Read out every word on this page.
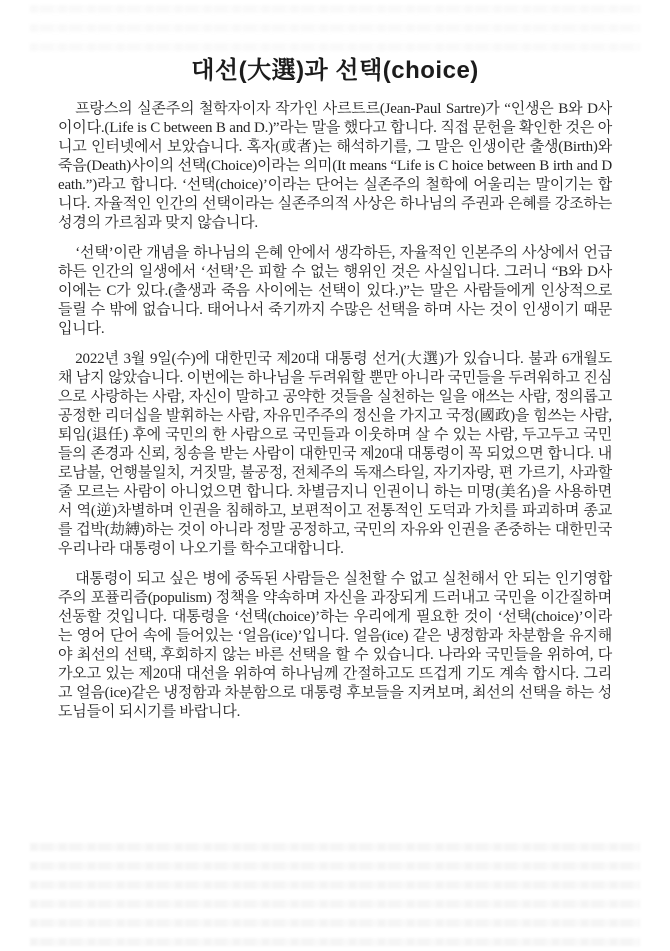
대선(大選)과 선택(choice)

프랑스의 실존주의 철학자이자 작가인 사르트르(Jean-Paul Sartre)가 “인생은 B와 D사이이다.(Life is C between B and D.)”라는 말을 했다고 합니다. 직접 문헌을 확인한 것은 아니고 인터넷에서 보았습니다. 혹자(或者)는 해석하기를, 그 말은 인생이란 출생(Birth)와 죽음(Death)사이의 선택(Choice)이라는 의미(It means “Life is C hoice between B irth and D eath.”)라고 합니다. ‘선택(choice)’이라는 단어는 실존주의 철학에 어울리는 말이기는 합니다. 자율적인 인간의 선택이라는 실존주의적 사상은 하나님의 주권과 은혜를 강조하는 성경의 가르침과 맞지 않습니다.

‘선택’이란 개념을 하나님의 은혜 안에서 생각하든, 자율적인 인본주의 사상에서 언급하든 인간의 일생에서 ‘선택’은 피할 수 없는 행위인 것은 사실입니다. 그러니 “B와 D사이에는 C가 있다.(출생과 죽음 사이에는 선택이 있다.)”는 말은 사람들에게 인상적으로 들릴 수 밖에 없습니다. 태어나서 죽기까지 수많은 선택을 하며 사는 것이 인생이기 때문입니다.

2022년 3월 9일(수)에 대한민국 제20대 대통령 선거(大選)가 있습니다. 불과 6개월도 채 남지 않았습니다. 이번에는 하나님을 두려워할 뿐만 아니라 국민들을 두려워하고 진심으로 사랑하는 사람, 자신이 말하고 공약한 것들을 실천하는 일을 애쓰는 사람, 정의롭고 공정한 리더십을 발휘하는 사람, 자유민주주의 정신을 가지고 국정(國政)을 힘쓰는 사람, 퇴임(退任) 후에 국민의 한 사람으로 국민들과 이웃하며 살 수 있는 사람, 두고두고 국민들의 존경과 신뢰, 칭송을 받는 사람이 대한민국 제20대 대통령이 꼭 되었으면 합니다. 내로남불, 언행불일치, 거짓말, 불공정, 전체주의 독재스타일, 자기자랑, 편 가르기, 사과할 줄 모르는 사람이 아니었으면 합니다. 차별금지니 인권이니 하는 미명(美名)을 사용하면서 역(逆)차별하며 인권을 침해하고, 보편적이고 전통적인 도덕과 가치를 파괴하며 종교를 겁박(劫縛)하는 것이 아니라 정말 공정하고, 국민의 자유와 인권을 존중하는 대한민국 우리나라 대통령이 나오기를 학수고대합니다.

대통령이 되고 싶은 병에 중독된 사람들은 실천할 수 없고 실천해서 안 되는 인기영합주의 포퓰리즘(populism) 정책을 약속하며 자신을 과장되게 드러내고 국민을 이간질하며 선동할 것입니다. 대통령을 ‘선택(choice)’하는 우리에게 필요한 것이 ‘선택(choice)’이라는 영어 단어 속에 들어있는 ‘얼음(ice)’입니다. 얼음(ice) 같은 냉정함과 차분함을 유지해야 최선의 선택, 후회하지 않는 바른 선택을 할 수 있습니다. 나라와 국민들을 위하여, 다가오고 있는 제20대 대선을 위하여 하나님께 간절하고도 뜨겁게 기도 계속 합시다. 그리고 얼음(ice)같은 냉정함과 차분함으로 대통령 후보들을 지켜보며, 최선의 선택을 하는 성도님들이 되시기를 바랍니다.
